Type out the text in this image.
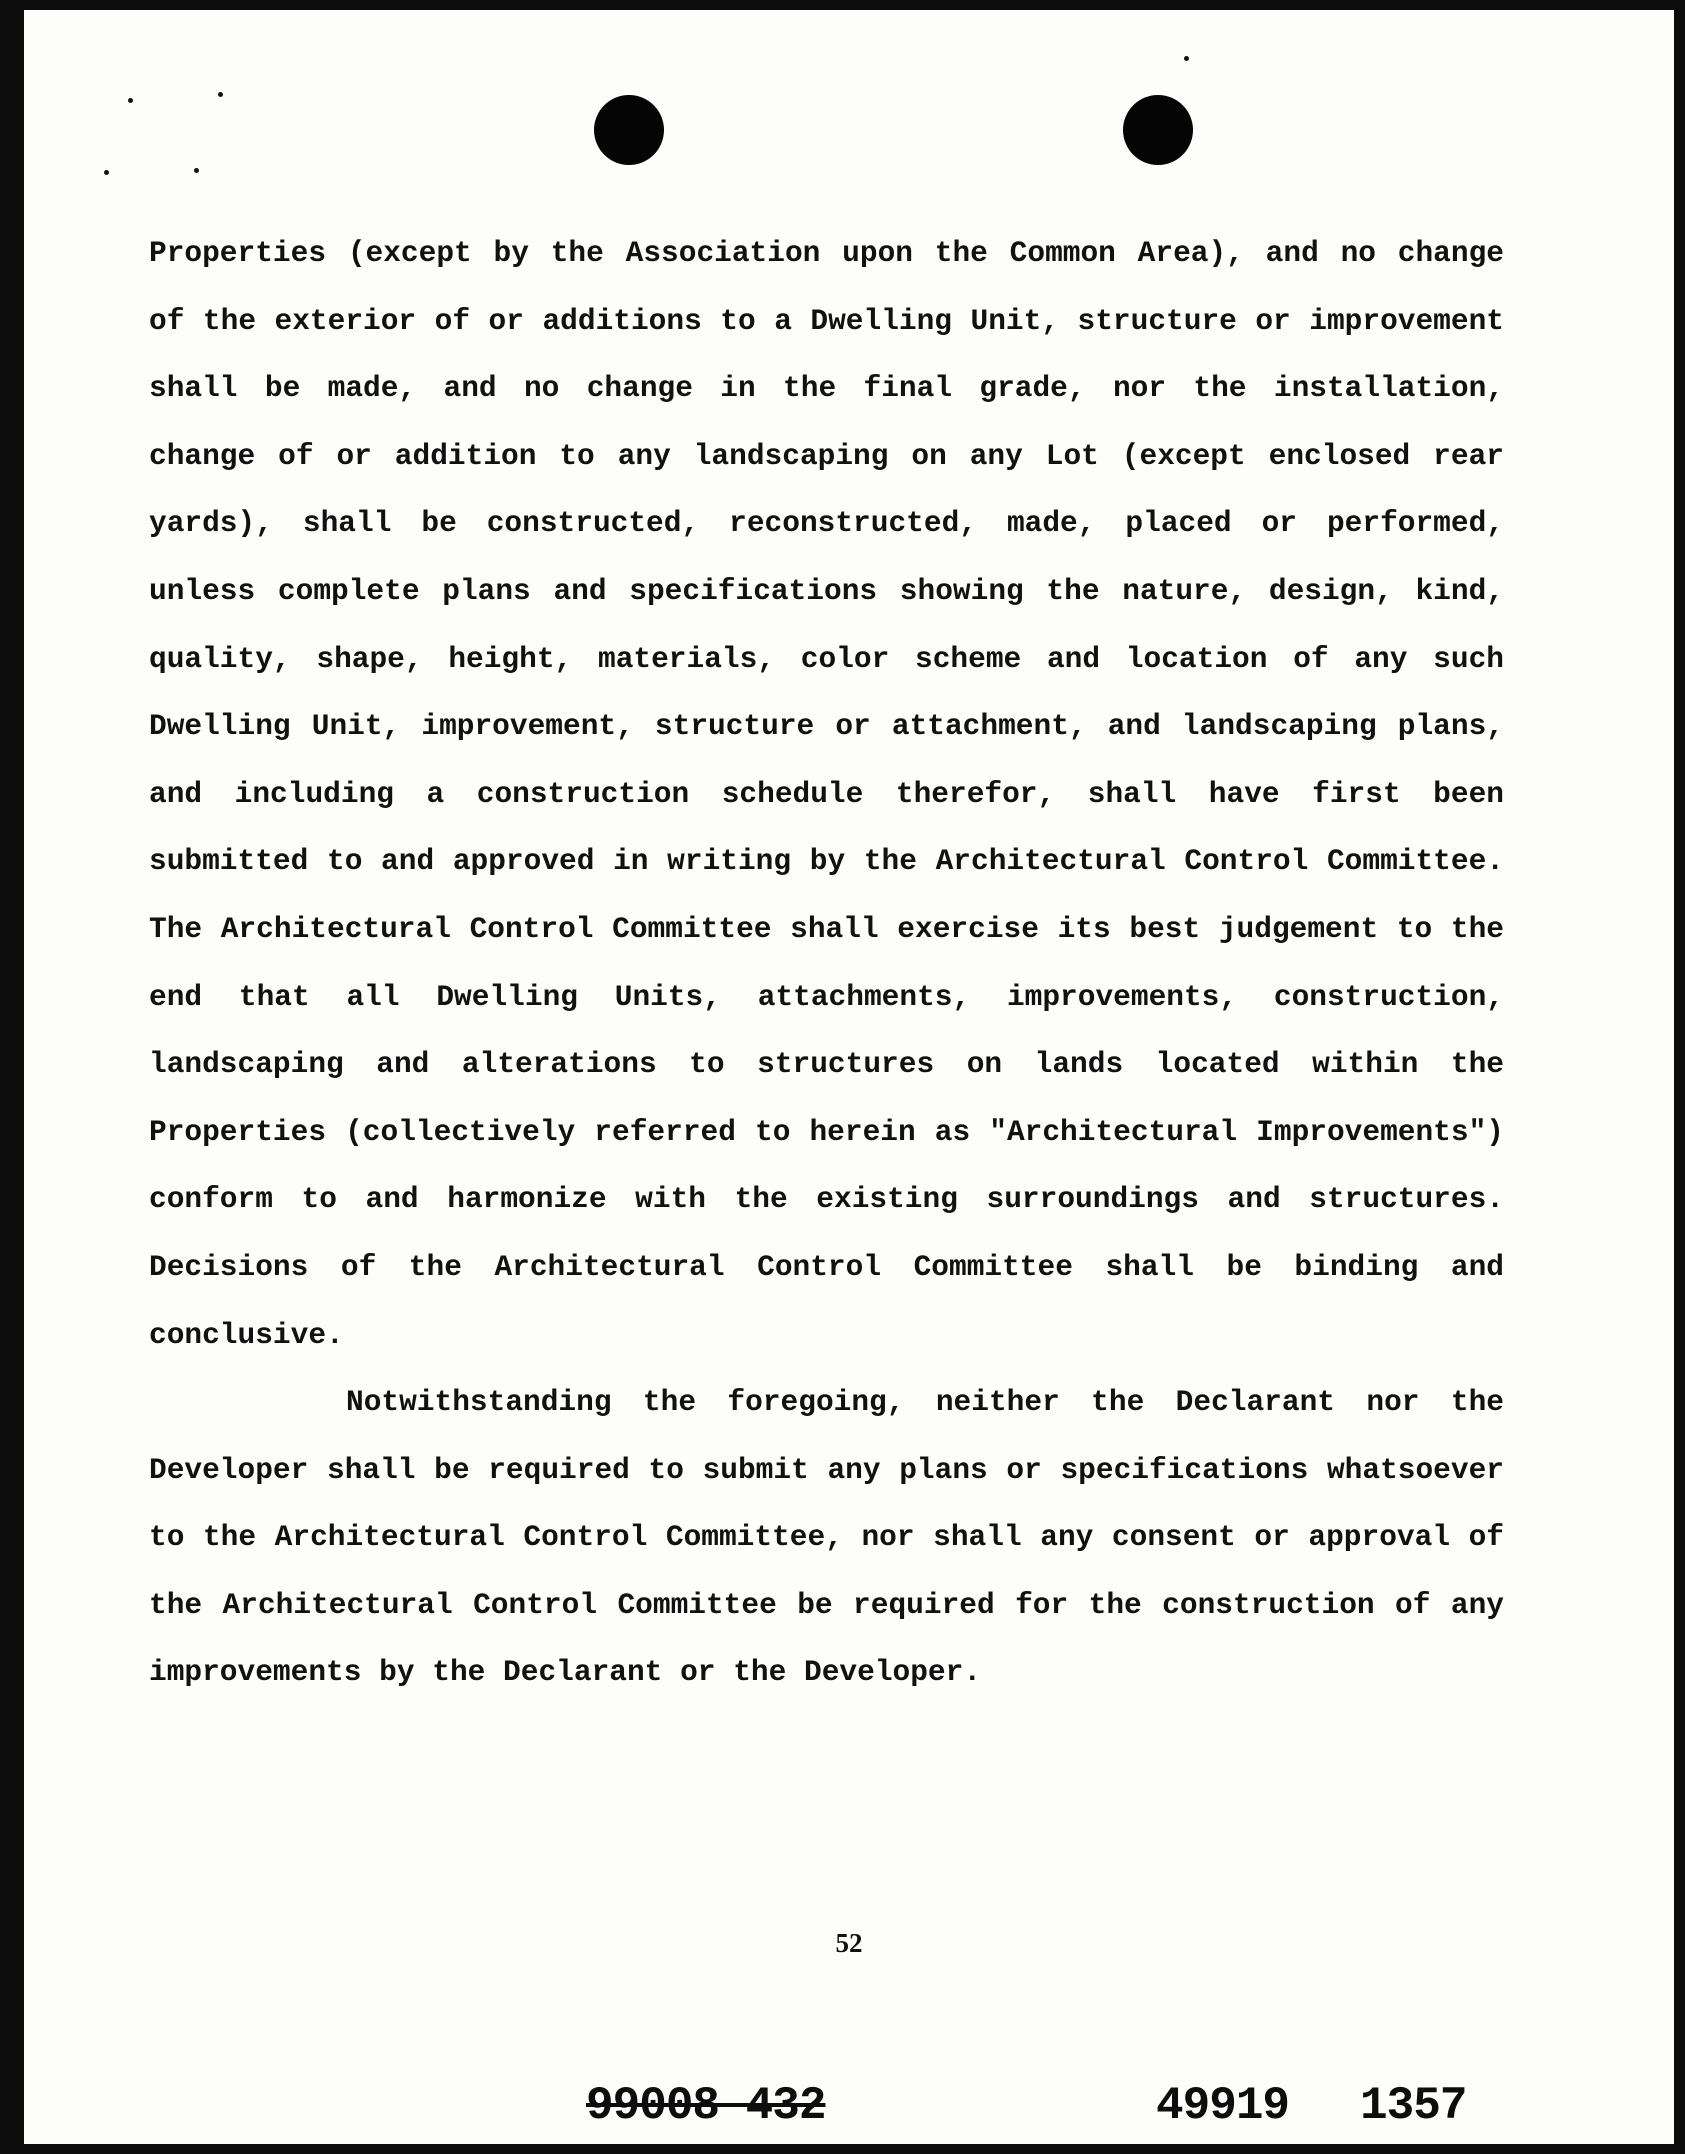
Properties (except by the Association upon the Common Area), and no change of the exterior of or additions to a Dwelling Unit, structure or improvement shall be made, and no change in the final grade, nor the installation, change of or addition to any landscaping on any Lot (except enclosed rear yards), shall be constructed, reconstructed, made, placed or performed, unless complete plans and specifications showing the nature, design, kind, quality, shape, height, materials, color scheme and location of any such Dwelling Unit, improvement, structure or attachment, and landscaping plans, and including a construction schedule therefor, shall have first been submitted to and approved in writing by the Architectural Control Committee. The Architectural Control Committee shall exercise its best judgement to the end that all Dwelling Units, attachments, improvements, construction, landscaping and alterations to structures on lands located within the Properties (collectively referred to herein as "Architectural Improvements") conform to and harmonize with the existing surroundings and structures. Decisions of the Architectural Control Committee shall be binding and conclusive.

Notwithstanding the foregoing, neither the Declarant nor the Developer shall be required to submit any plans or specifications whatsoever to the Architectural Control Committee, nor shall any consent or approval of the Architectural Control Committee be required for the construction of any improvements by the Declarant or the Developer.

52
99008 432	49919 1357
